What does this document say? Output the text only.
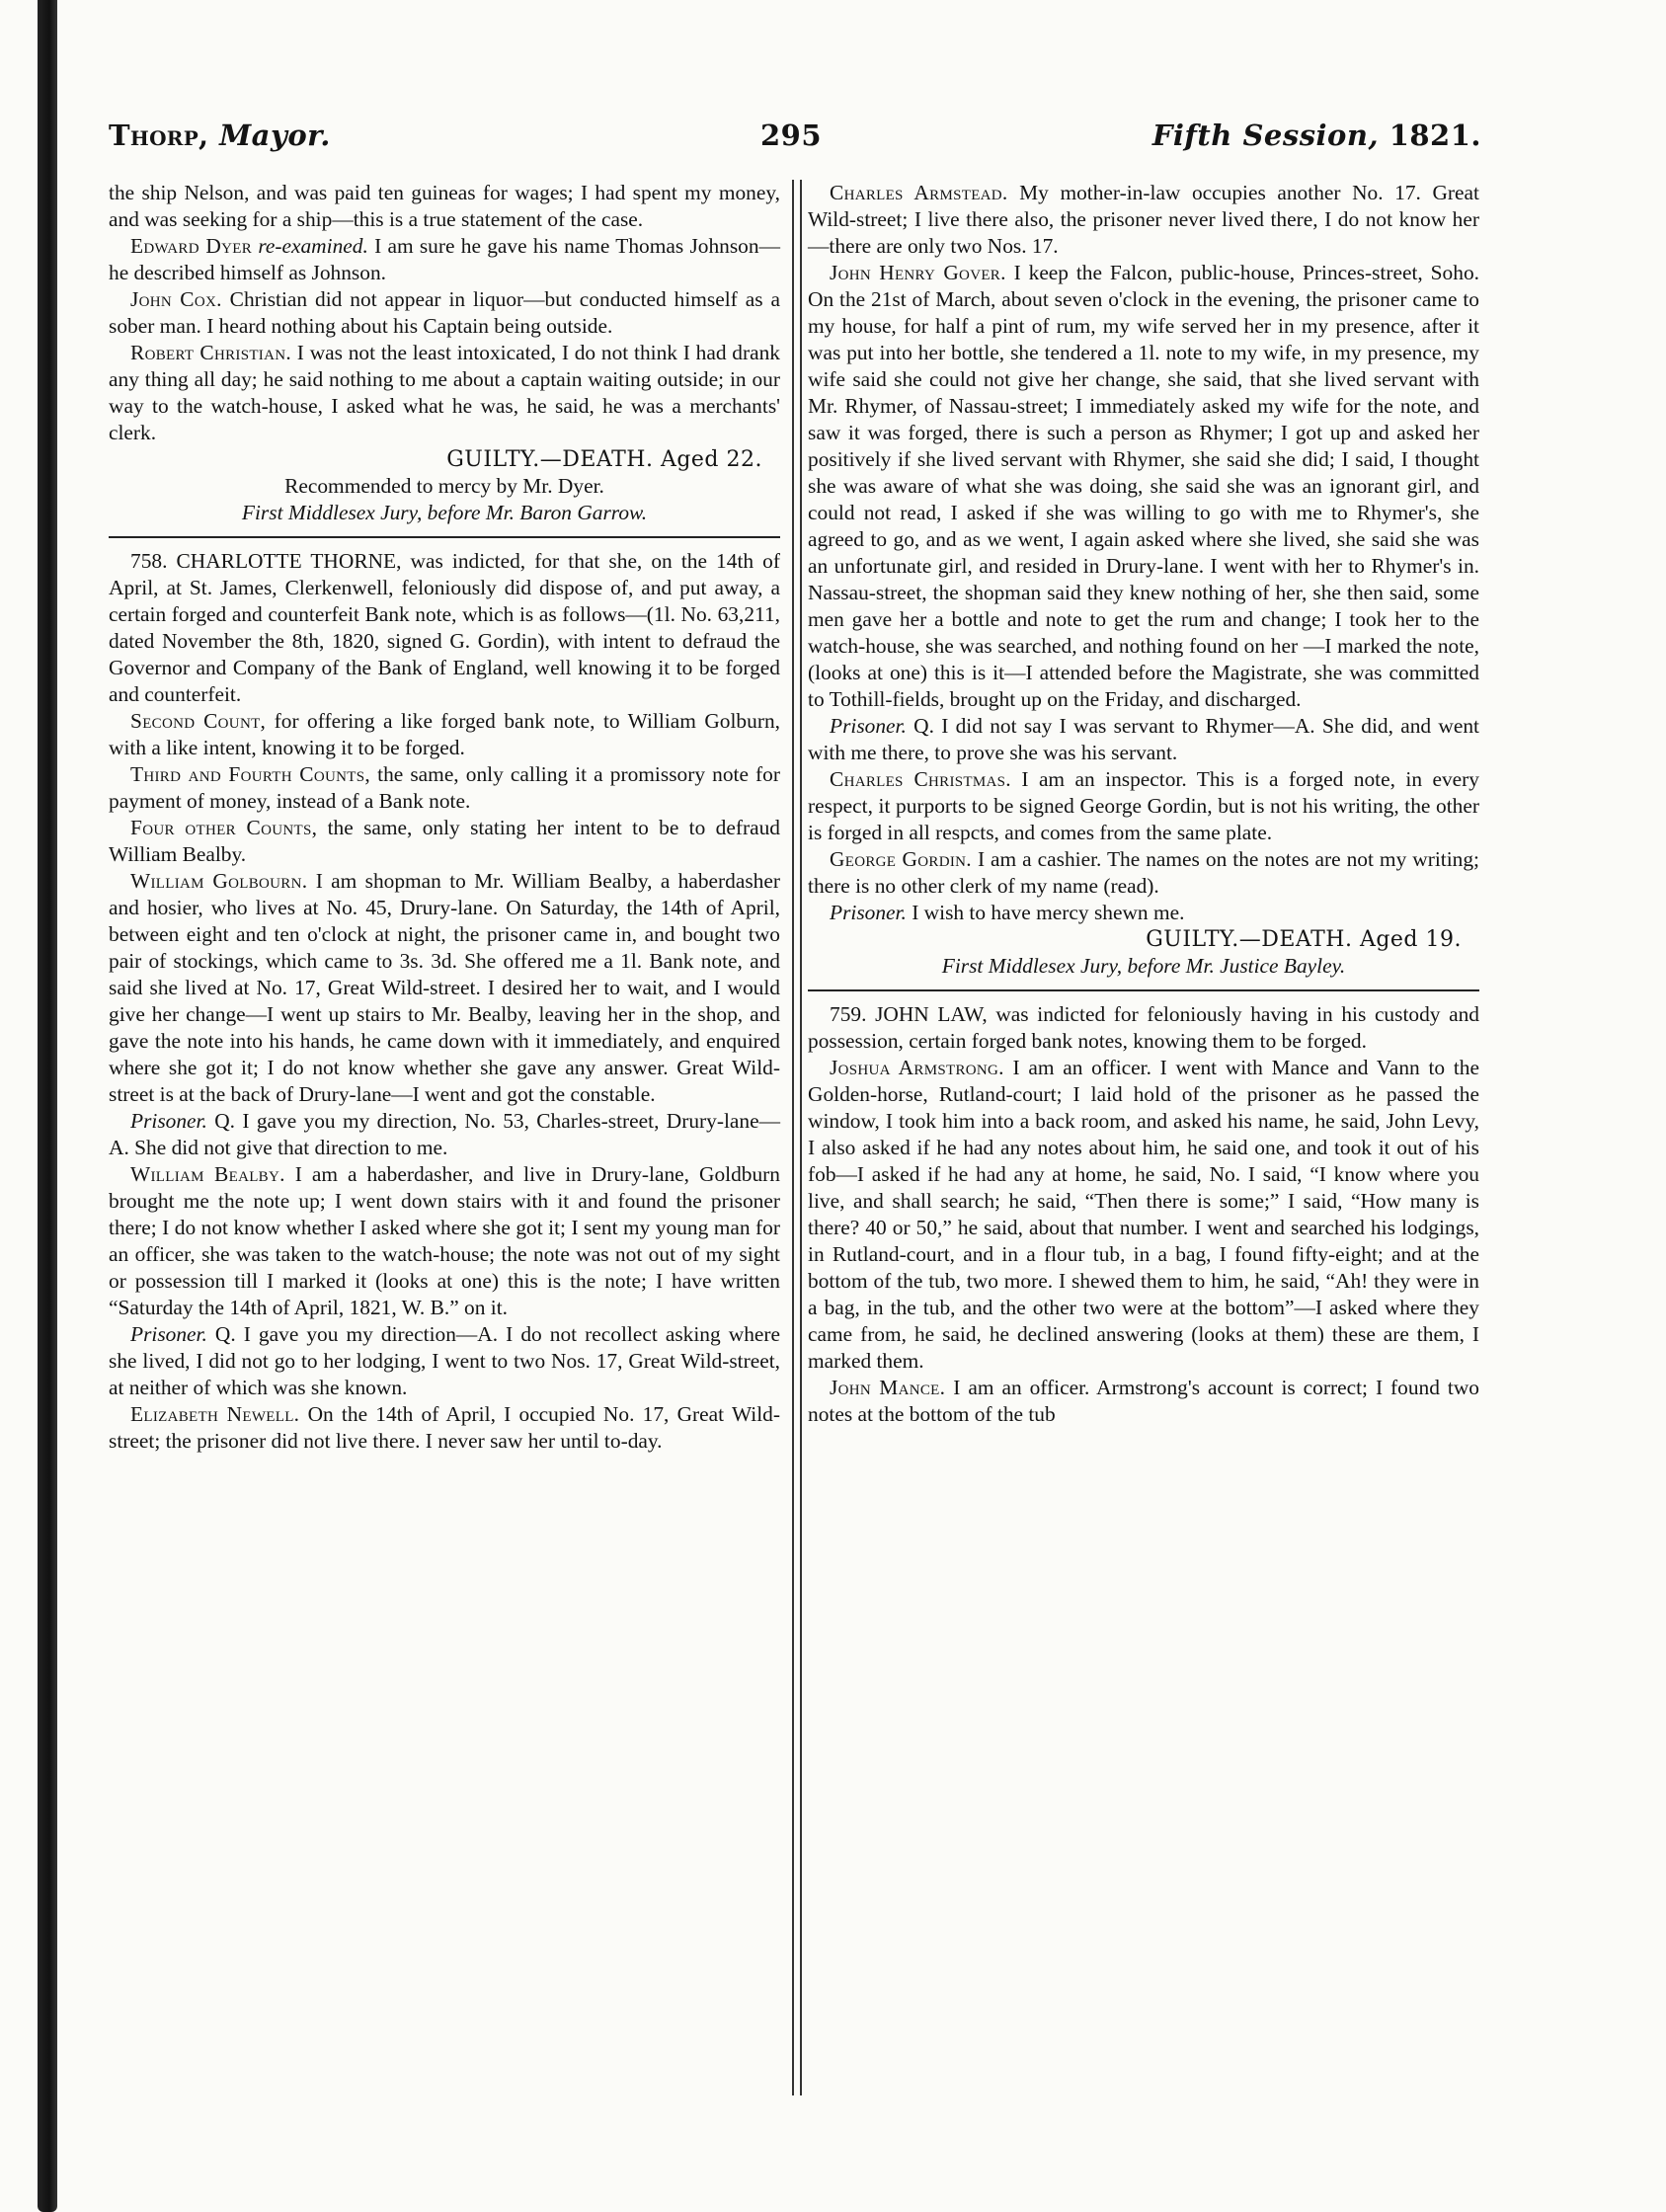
Thorp, Mayor.	295	Fifth Session, 1821.

the ship Nelson, and was paid ten guineas for wages; I had spent my money, and was seeking for a ship—this is a true statement of the case.

Edward Dyer re-examined. I am sure he gave his name Thomas Johnson—he described himself as Johnson.

John Cox. Christian did not appear in liquor—but conducted himself as a sober man. I heard nothing about his Captain being outside.

Robert Christian. I was not the least intoxicated, I do not think I had drank any thing all day; he said nothing to me about a captain waiting outside; in our way to the watch-house, I asked what he was, he said, he was a merchants' clerk.

GUILTY.—DEATH. Aged 22.

Recommended to mercy by Mr. Dyer.

First Middlesex Jury, before Mr. Baron Garrow.

758. CHARLOTTE THORNE, was indicted, for that she, on the 14th of April, at St. James, Clerkenwell, feloniously did dispose of, and put away, a certain forged and counterfeit Bank note, which is as follows—(1l. No. 63,211, dated November the 8th, 1820, signed G. Gordin), with intent to defraud the Governor and Company of the Bank of England, well knowing it to be forged and counterfeit.

Second Count, for offering a like forged bank note, to William Golburn, with a like intent, knowing it to be forged.

Third and Fourth Counts, the same, only calling it a promissory note for payment of money, instead of a Bank note.

Four other Counts, the same, only stating her intent to be to defraud William Bealby.

William Golbourn. I am shopman to Mr. William Bealby, a haberdasher and hosier, who lives at No. 45, Drury-lane. On Saturday, the 14th of April, between eight and ten o'clock at night, the prisoner came in, and bought two pair of stockings, which came to 3s. 3d. She offered me a 1l. Bank note, and said she lived at No. 17, Great Wild-street. I desired her to wait, and I would give her change—I went up stairs to Mr. Bealby, leaving her in the shop, and gave the note into his hands, he came down with it immediately, and enquired where she got it; I do not know whether she gave any answer. Great Wild-street is at the back of Drury-lane—I went and got the constable.

Prisoner. Q. I gave you my direction, No. 53, Charles-street, Drury-lane—A. She did not give that direction to me.

William Bealby. I am a haberdasher, and live in Drury-lane, Goldburn brought me the note up; I went down stairs with it and found the prisoner there; I do not know whether I asked where she got it; I sent my young man for an officer, she was taken to the watch-house; the note was not out of my sight or possession till I marked it (looks at one) this is the note; I have written “Saturday the 14th of April, 1821, W. B.” on it.

Prisoner. Q. I gave you my direction—A. I do not recollect asking where she lived, I did not go to her lodging, I went to two Nos. 17, Great Wild-street, at neither of which was she known.

Elizabeth Newell. On the 14th of April, I occupied No. 17, Great Wild-street; the prisoner did not live there. I never saw her until to-day.

Charles Armstead. My mother-in-law occupies another No. 17. Great Wild-street; I live there also, the prisoner never lived there, I do not know her—there are only two Nos. 17.

John Henry Gover. I keep the Falcon, public-house, Princes-street, Soho. On the 21st of March, about seven o'clock in the evening, the prisoner came to my house, for half a pint of rum, my wife served her in my presence, after it was put into her bottle, she tendered a 1l. note to my wife, in my presence, my wife said she could not give her change, she said, that she lived servant with Mr. Rhymer, of Nassau-street; I immediately asked my wife for the note, and saw it was forged, there is such a person as Rhymer; I got up and asked her positively if she lived servant with Rhymer, she said she did; I said, I thought she was aware of what she was doing, she said she was an ignorant girl, and could not read, I asked if she was willing to go with me to Rhymer's, she agreed to go, and as we went, I again asked where she lived, she said she was an unfortunate girl, and resided in Drury-lane. I went with her to Rhymer's in. Nassau-street, the shopman said they knew nothing of her, she then said, some men gave her a bottle and note to get the rum and change; I took her to the watch-house, she was searched, and nothing found on her —I marked the note, (looks at one) this is it—I attended before the Magistrate, she was committed to Tothill-fields, brought up on the Friday, and discharged.

Prisoner. Q. I did not say I was servant to Rhymer—A. She did, and went with me there, to prove she was his servant.

Charles Christmas. I am an inspector. This is a forged note, in every respect, it purports to be signed George Gordin, but is not his writing, the other is forged in all respcts, and comes from the same plate.

George Gordin. I am a cashier. The names on the notes are not my writing; there is no other clerk of my name (read).

Prisoner. I wish to have mercy shewn me.

GUILTY.—DEATH. Aged 19.

First Middlesex Jury, before Mr. Justice Bayley.

759. JOHN LAW, was indicted for feloniously having in his custody and possession, certain forged bank notes, knowing them to be forged.

Joshua Armstrong. I am an officer. I went with Mance and Vann to the Golden-horse, Rutland-court; I laid hold of the prisoner as he passed the window, I took him into a back room, and asked his name, he said, John Levy, I also asked if he had any notes about him, he said one, and took it out of his fob—I asked if he had any at home, he said, No. I said, “I know where you live, and shall search; he said, “Then there is some;” I said, “How many is there? 40 or 50,” he said, about that number. I went and searched his lodgings, in Rutland-court, and in a flour tub, in a bag, I found fifty-eight; and at the bottom of the tub, two more. I shewed them to him, he said, “Ah! they were in a bag, in the tub, and the other two were at the bottom”—I asked where they came from, he said, he declined answering (looks at them) these are them, I marked them.

John Mance. I am an officer. Armstrong's account is correct; I found two notes at the bottom of the tub
